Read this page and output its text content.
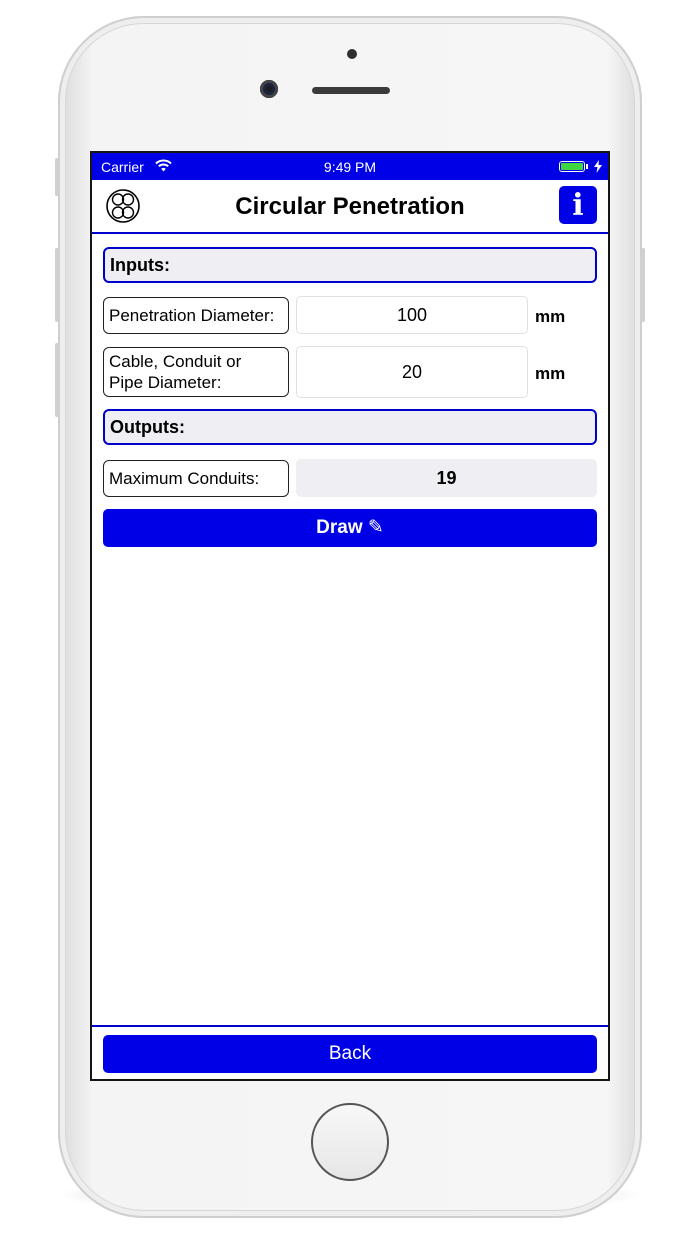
Carrier	9:49 PM
Circular Penetration	i
Inputs:
Penetration Diameter:	100	mm
Cable, Conduit or
Pipe Diameter:
20	mm
Outputs:
Maximum Conduits:	19
Draw ✎
Back
